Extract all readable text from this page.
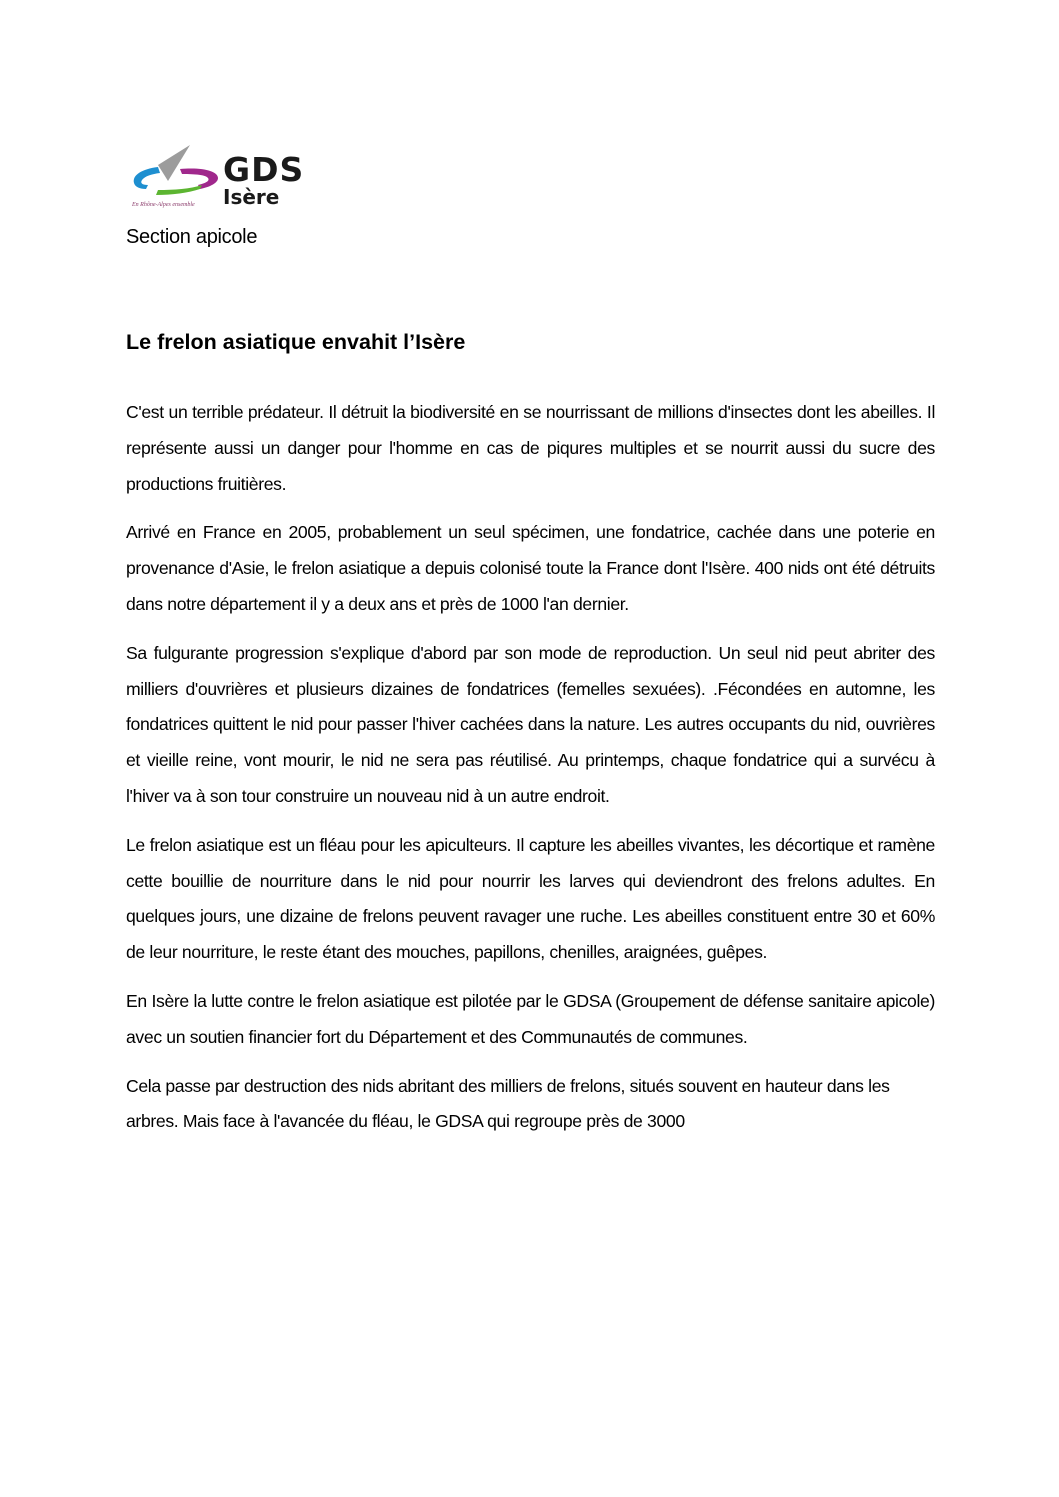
GDS
Isère
En Rhône-Alpes ensemble
Section apicole
Le frelon asiatique envahit l’Isère

C'est un terrible prédateur. Il détruit la biodiversité en se nourrissant de millions d'insectes dont les abeilles. Il représente aussi un danger pour l'homme en cas de piqures multiples et se nourrit aussi du sucre des productions fruitières.

Arrivé en France en 2005, probablement un seul spécimen, une fondatrice, cachée dans une poterie en provenance d'Asie, le frelon asiatique a depuis colonisé toute la France dont l'Isère. 400 nids ont été détruits dans notre département il y a deux ans et près de 1000 l'an dernier.

Sa fulgurante progression s'explique d'abord par son mode de reproduction. Un seul nid peut abriter des milliers d'ouvrières et plusieurs dizaines de fondatrices (femelles sexuées). .Fécondées en automne, les fondatrices quittent le nid pour passer l'hiver cachées dans la nature. Les autres occupants du nid, ouvrières et vieille reine, vont mourir, le nid ne sera pas réutilisé. Au printemps, chaque fondatrice qui a survécu à l'hiver va à son tour construire un nouveau nid à un autre endroit.

Le frelon asiatique est un fléau pour les apiculteurs. Il capture les abeilles vivantes, les décortique et ramène cette bouillie de nourriture dans le nid pour nourrir les larves qui deviendront des frelons adultes. En quelques jours, une dizaine de frelons peuvent ravager une ruche. Les abeilles constituent entre 30 et 60% de leur nourriture, le reste étant des mouches, papillons, chenilles, araignées, guêpes.

En Isère la lutte contre le frelon asiatique est pilotée par le GDSA (Groupement de défense sanitaire apicole) avec un soutien financier fort du Département et des Communautés de communes.

Cela passe par destruction des nids abritant des milliers de frelons, situés souvent en hauteur dans les arbres. Mais face à l'avancée du fléau, le GDSA qui regroupe près de 3000
